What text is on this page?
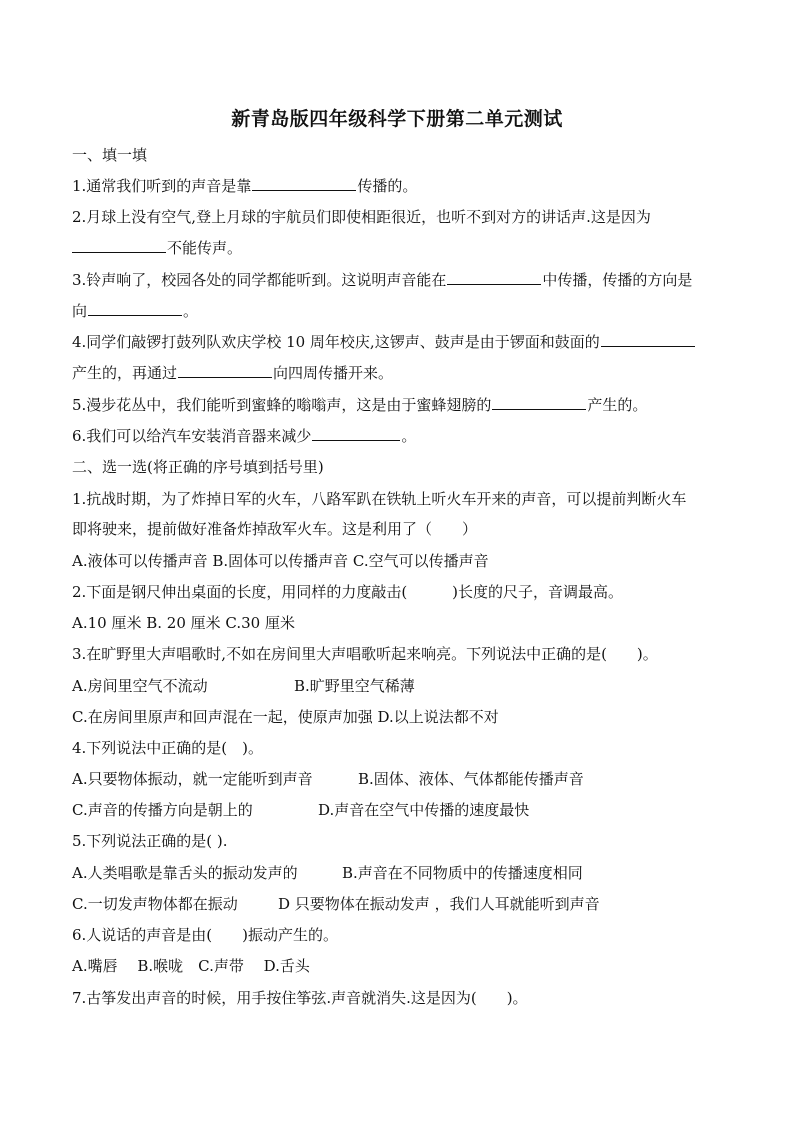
新青岛版四年级科学下册第二单元测试
一、填一填
1.通常我们听到的声音是靠	传播的。
2.月球上没有空气,登上月球的宇航员们即使相距很近，也听不到对方的讲话声.这是因为
不能传声。
3.铃声响了，校园各处的同学都能听到。这说明声音能在	中传播，传播的方向是
向	。
4.同学们敲锣打鼓列队欢庆学校 10 周年校庆,这锣声、鼓声是由于锣面和鼓面的
产生的，再通过	向四周传播开来。
5.漫步花丛中，我们能听到蜜蜂的嗡嗡声，这是由于蜜蜂翅膀的	产生的。
6.我们可以给汽车安装消音器来减少	。
二、选一选(将正确的序号填到括号里)
1.抗战时期，为了炸掉日军的火车，八路军趴在铁轨上听火车开来的声音，可以提前判断火车
即将驶来，提前做好准备炸掉敌军火车。这是利用了（　　）
A.液体可以传播声音 B.固体可以传播声音 C.空气可以传播声音
2.下面是钢尺伸出桌面的长度，用同样的力度敲击(　　　)长度的尺子，音调最高。
A.10 厘米 B. 20 厘米 C.30 厘米
3.在旷野里大声唱歌时,不如在房间里大声唱歌听起来响亮。下列说法中正确的是(　　)。
A.房间里空气不流动	B.旷野里空气稀薄
C.在房间里原声和回声混在一起，使原声加强 D.以上说法都不对
4.下列说法中正确的是(　)。
A.只要物体振动，就一定能听到声音	B.固体、液体、气体都能传播声音
C.声音的传播方向是朝上的	D.声音在空气中传播的速度最快
5.下列说法正确的是( ).
A.人类唱歌是靠舌头的振动发声的	B.声音在不同物质中的传播速度相同
C.一切发声物体都在振动	D 只要物体在振动发声 ，我们人耳就能听到声音
6.人说话的声音是由(　　)振动产生的。
A.嘴唇　 B.喉咙　C.声带　 D.舌头
7.古筝发出声音的时候，用手按住筝弦.声音就消失.这是因为(　　)。
